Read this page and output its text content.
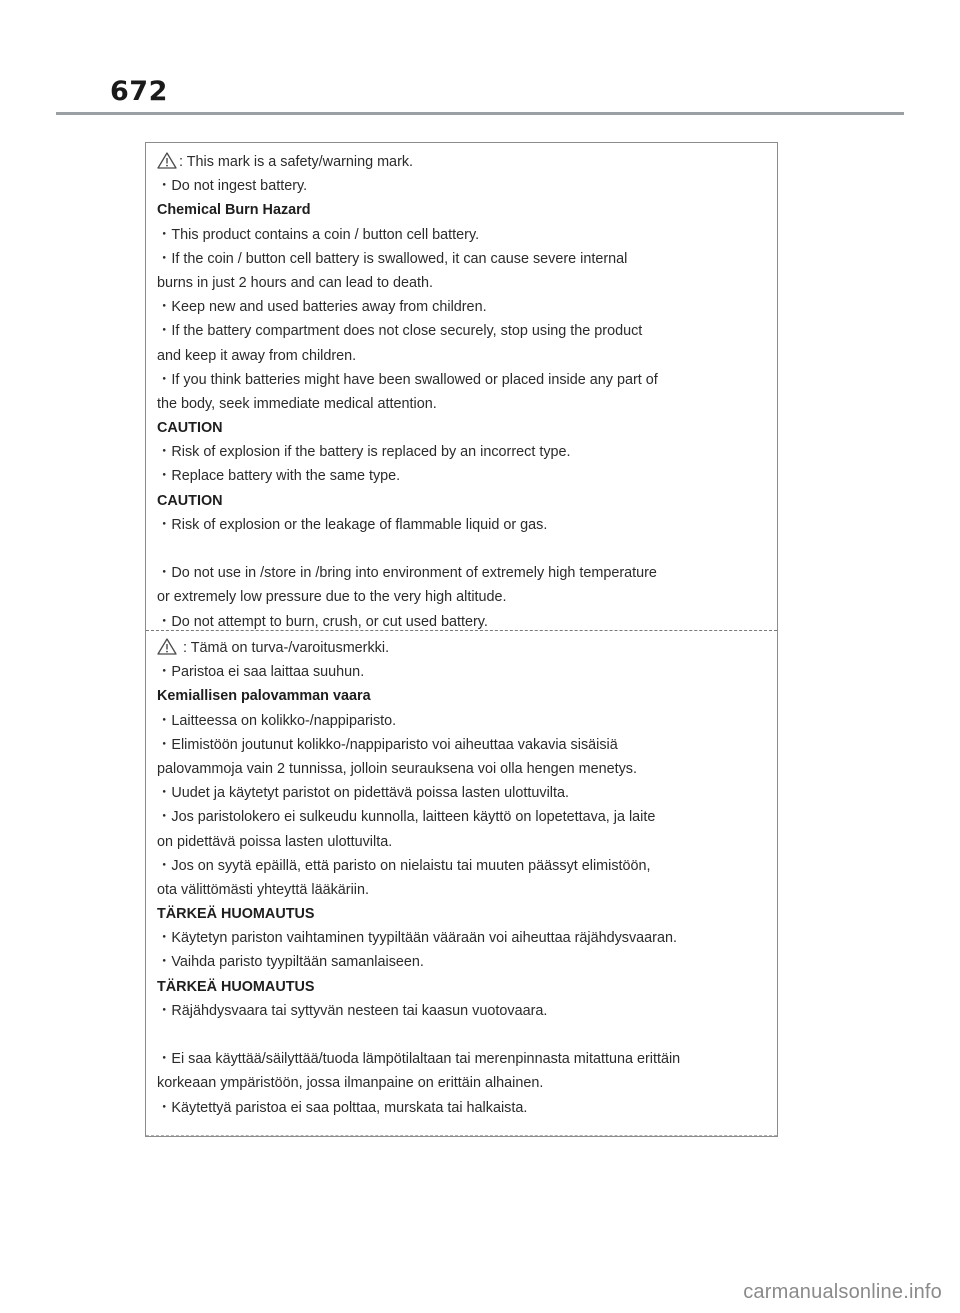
672
: This mark is a safety/warning mark.
・Do not ingest battery.
Chemical Burn Hazard
・This product contains a coin / button cell battery.
・If the coin / button cell battery is swallowed, it can cause severe internal
burns in just 2 hours and can lead to death.
・Keep new and used batteries away from children.
・If the battery compartment does not close securely, stop using the product
and keep it away from children.
・If you think batteries might have been swallowed or placed inside any part of
the body, seek immediate medical attention.
CAUTION
・Risk of explosion if the battery is replaced by an incorrect type.
・Replace battery with the same type.
CAUTION
・Risk of explosion or the leakage of flammable liquid or gas.
・Do not use in /store in /bring into environment of extremely high temperature
or extremely low pressure due to the very high altitude.
・Do not attempt to burn, crush, or cut used battery.
: Tämä on turva-/varoitusmerkki.
・Paristoa ei saa laittaa suuhun.
Kemiallisen palovamman vaara
・Laitteessa on kolikko-/nappiparisto.
・Elimistöön joutunut kolikko-/nappiparisto voi aiheuttaa vakavia sisäisiä
palovammoja vain 2 tunnissa, jolloin seurauksena voi olla hengen menetys.
・Uudet ja käytetyt paristot on pidettävä poissa lasten ulottuvilta.
・Jos paristolokero ei sulkeudu kunnolla, laitteen käyttö on lopetettava, ja laite
on pidettävä poissa lasten ulottuvilta.
・Jos on syytä epäillä, että paristo on nielaistu tai muuten päässyt elimistöön,
ota välittömästi yhteyttä lääkäriin.
TÄRKEÄ HUOMAUTUS
・Käytetyn pariston vaihtaminen tyypiltään vääraän voi aiheuttaa räjähdysvaaran.
・Vaihda paristo tyypiltään samanlaiseen.
TÄRKEÄ HUOMAUTUS
・Räjähdysvaara tai syttyvän nesteen tai kaasun vuotovaara.
・Ei saa käyttää/säilyttää/tuoda lämpötilaltaan tai merenpinnasta mitattuna erittäin
korkeaan ympäristöön, jossa ilmanpaine on erittäin alhainen.
・Käytettyä paristoa ei saa polttaa, murskata tai halkaista.
carmanualsonline.info
